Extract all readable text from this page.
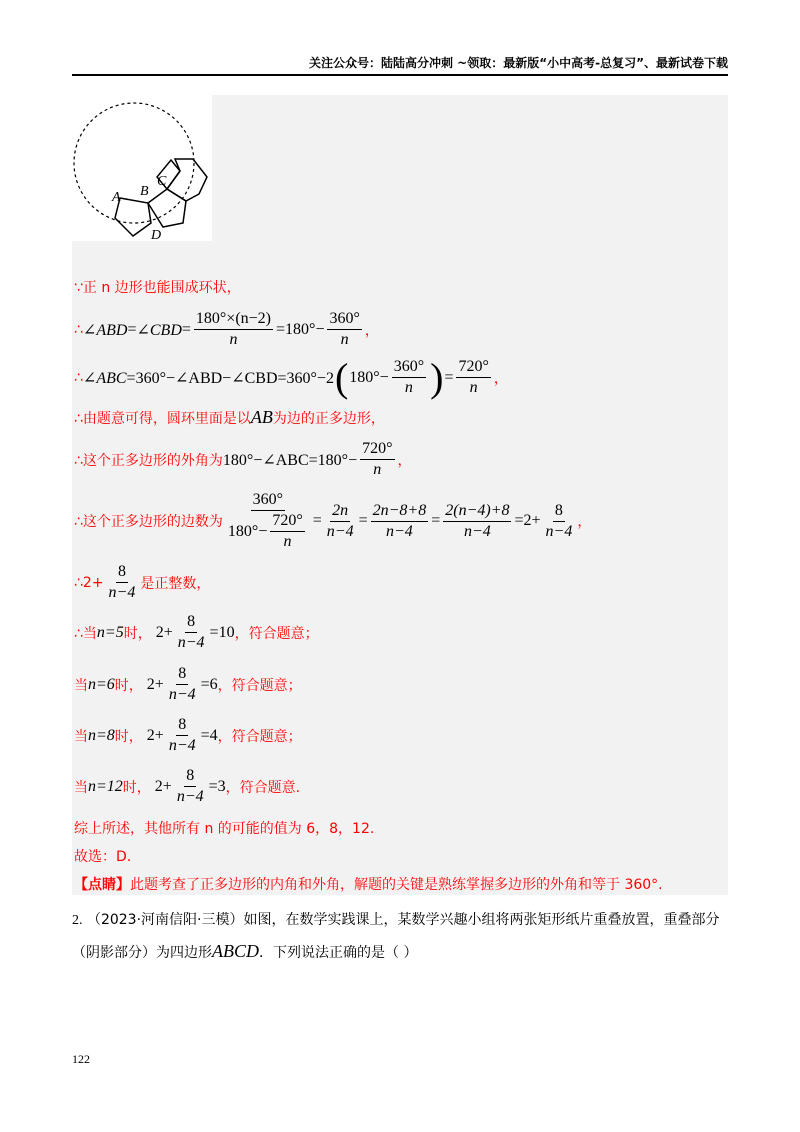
关注公众号：陆陆高分冲刺 ~领取：最新版“小中高考-总复习”、最新试卷下载
A B
C
D
∵正 n 边形也能围成环状，
∴ ∠ABD = ∠CBD = $\frac{180^\circ\times(n-2)}{n} =180^\circ- \frac{360^\circ}{n}$ ，
∴ ∠ABC =360°−∠ABD−∠CBD=360°−2 ( $180^\circ- \frac{360^\circ}{n}$ ) = $\frac{720^\circ}{n}$ ，
∴由题意可得，圆环里面是以 AB 为边的正多边形，
∴这个正多边形的外角为 180°−∠ABC=180°− $\frac{720^\circ}{n}$ ，
∴这个正多边形的边数为 $\frac{360^\circ}{180^\circ- \frac{720^\circ}{n}} = \frac{2n}{n-4} = \frac{2n-8+8}{n-4} = \frac{2(n-4)+8}{n-4} =2+ \frac{8}{n-4}$ ，
∴2+ $\frac{8}{n-4}$ 是正整数，
∴当 n=5 时， $2+ \frac{8}{n-4} =10$ ，符合题意；
当 n=6 时， $2+ \frac{8}{n-4} =6$ ，符合题意；
当 n=8 时， $2+ \frac{8}{n-4} =4$ ，符合题意；
当 n=12 时， $2+ \frac{8}{n-4} =3$ ，符合题意.
综上所述，其他所有 n 的可能的值为 6，8，12.
故选：D.
【点睛】 此题考查了正多边形的内角和外角，解题的关键是熟练掌握多边形的外角和等于 360°.
2. （2023·河南信阳·三模）如图，在数学实践课上，某数学兴趣小组将两张矩形纸片重叠放置，重叠部分
（阴影部分）为四边形ABCD．下列说法正确的是（ ）
122
